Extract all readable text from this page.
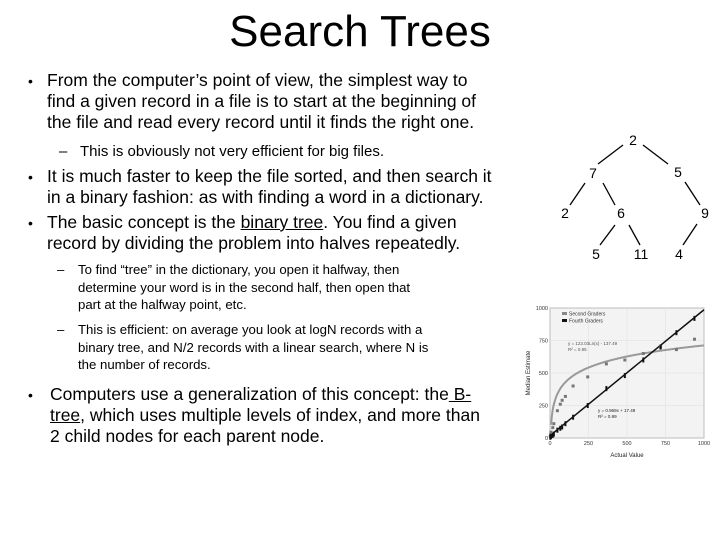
Search Trees
• From the computer’s point of view, the simplest way to
find a given record in a file is to start at the beginning of
the file and read every record until it finds the right one.
– This is obviously not very efficient for big files.
• It is much faster to keep the file sorted, and then search it
in a binary fashion: as with finding a word in a dictionary.
• The basic concept is the binary tree. You find a given
record by dividing the problem into halves repeatedly.
– To find “tree” in the dictionary, you open it halfway, then
determine your word is in the second half, then open that
part at the halfway point, etc.
– This is efficient: on average you look at logN records with a
binary tree, and N/2 records with a linear search, where N is
the number of records.
• Computers use a generalization of this concept: the B-
tree, which uses multiple levels of index, and more than
2 child nodes for each parent node.
2
7	5
2	6	9
5 11 4
0	250	500	750	1000
0
250
500
750
1000
Second Graders
Fourth Graders
y = 123.03Ln(x) - 137.49
R² = 0.95
y = 0.969x + 17.49
R² = 0.99
Actual Value
Median Estimate
